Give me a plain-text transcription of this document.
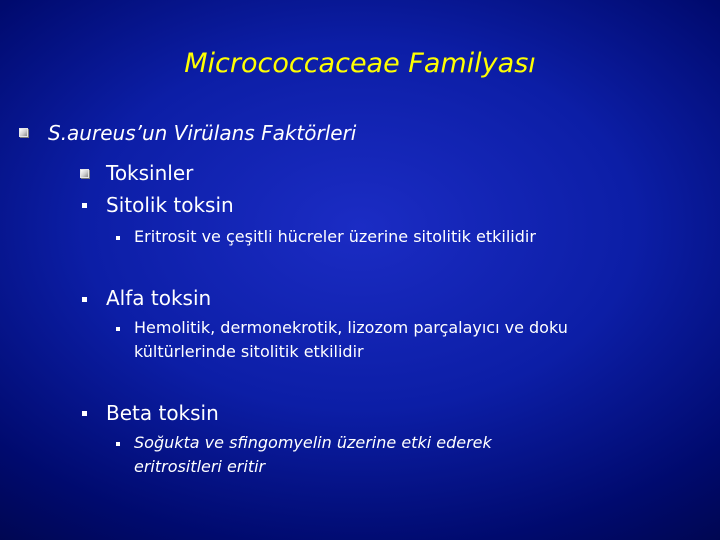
Micrococcaceae Familyası
S.aureus’un Virülans Faktörleri
Toksinler
Sitolik toksin
Eritrosit ve çeşitli hücreler üzerine sitolitik etkilidir
Alfa toksin
Hemolitik, dermonekrotik, lizozom parçalayıcı ve doku
kültürlerinde sitolitik etkilidir
Beta toksin
Soğukta ve sfingomyelin üzerine etki ederek
eritrositleri eritir
